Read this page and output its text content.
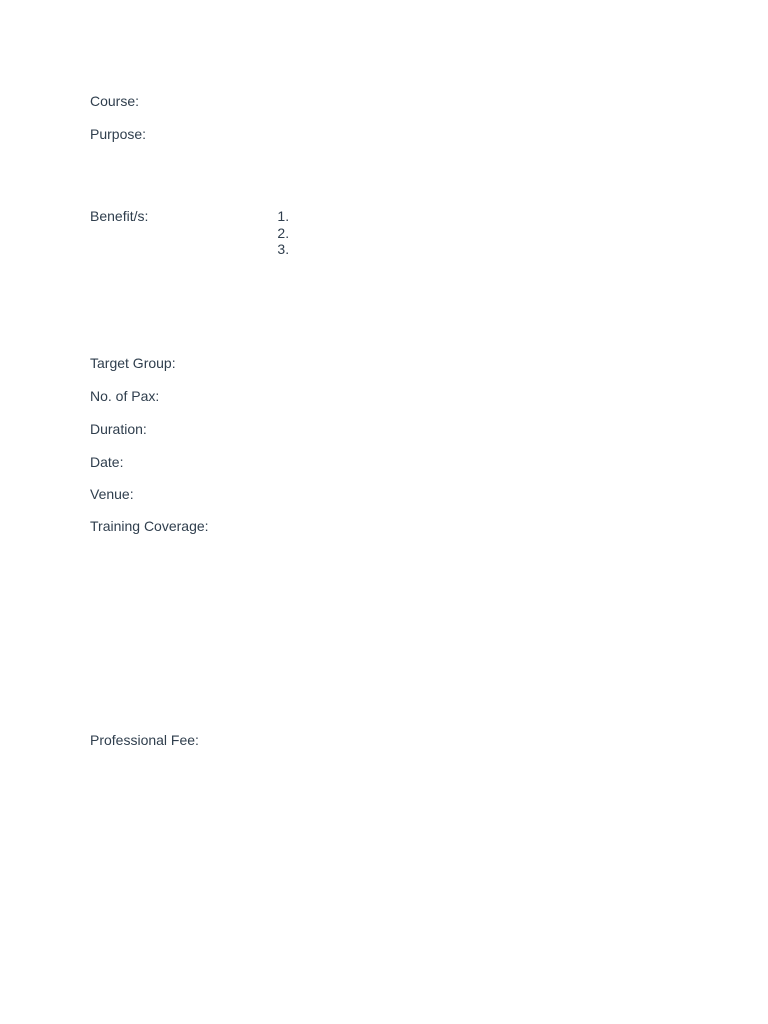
Course:
Purpose:
Benefit/s:
1.
2.
3.
Target Group:
No. of Pax:
Duration:
Date:
Venue:
Training Coverage:
Professional Fee:
